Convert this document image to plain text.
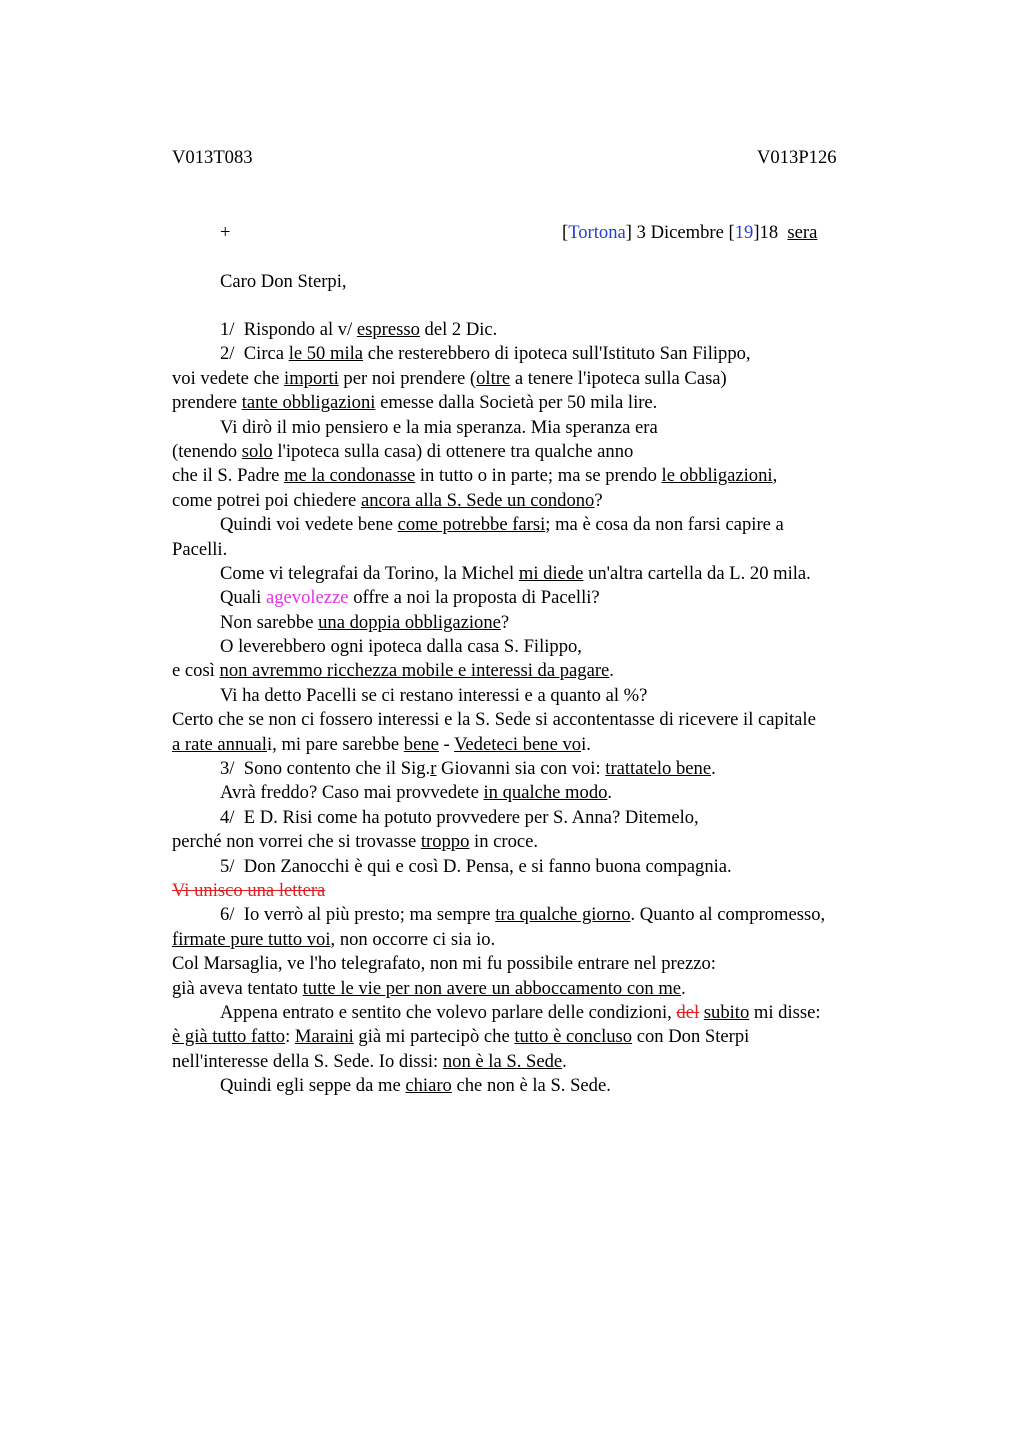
V013T083	V013P126
+	[Tortona] 3 Dicembre [19]18 sera
Caro Don Sterpi,
1/  Rispondo al v/ espresso del 2 Dic.
2/  Circa le 50 mila che resterebbero di ipoteca sull'Istituto San Filippo,
voi vedete che importi per noi prendere (oltre a tenere l'ipoteca sulla Casa)
prendere tante obbligazioni emesse dalla Società per 50 mila lire.
Vi dirò il mio pensiero e la mia speranza. Mia speranza era
(tenendo solo l'ipoteca sulla casa) di ottenere tra qualche anno
che il S. Padre me la condonasse in tutto o in parte; ma se prendo le obbligazioni,
come potrei poi chiedere ancora alla S. Sede un condono?
Quindi voi vedete bene come potrebbe farsi; ma è cosa da non farsi capire a
Pacelli.
Come vi telegrafai da Torino, la Michel mi diede un'altra cartella da L. 20 mila.
Quali agevolezze offre a noi la proposta di Pacelli?
Non sarebbe una doppia obbligazione?
O leverebbero ogni ipoteca dalla casa S. Filippo,
e così non avremmo ricchezza mobile e interessi da pagare.
Vi ha detto Pacelli se ci restano interessi e a quanto al %?
Certo che se non ci fossero interessi e la S. Sede si accontentasse di ricevere il capitale
a rate annuali, mi pare sarebbe bene - Vedeteci bene voi.
3/  Sono contento che il Sig.r Giovanni sia con voi: trattatelo bene.
Avrà freddo? Caso mai provvedete in qualche modo.
4/  E D. Risi come ha potuto provvedere per S. Anna? Ditemelo,
perché non vorrei che si trovasse troppo in croce.
5/  Don Zanocchi è qui e così D. Pensa, e si fanno buona compagnia.
Vi unisco una lettera
6/  Io verrò al più presto; ma sempre tra qualche giorno. Quanto al compromesso,
firmate pure tutto voi, non occorre ci sia io.
Col Marsaglia, ve l'ho telegrafato, non mi fu possibile entrare nel prezzo:
già aveva tentato tutte le vie per non avere un abboccamento con me.
Appena entrato e sentito che volevo parlare delle condizioni, del subito mi disse:
è già tutto fatto: Maraini già mi partecipò che tutto è concluso con Don Sterpi
nell'interesse della S. Sede. Io dissi: non è la S. Sede.
Quindi egli seppe da me chiaro che non è la S. Sede.
